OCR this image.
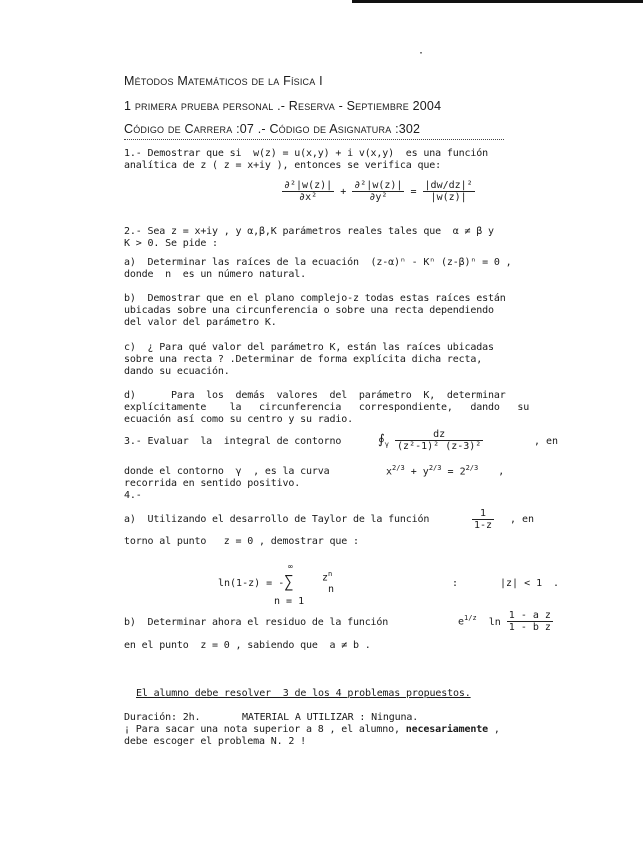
·
Métodos Matemáticos de la Física I
1 primera prueba personal .- Reserva - Septiembre 2004
Código de Carrera :07 .- Código de Asignatura :302
1.- Demostrar que si  w(z) = u(x,y) + i v(x,y)  es una función
analítica de z ( z = x+iy ), entonces se verifica que:
$\frac{\text{∂²|w(z)|}}{\text{∂x²}} + \frac{\text{∂²|w(z)|}}{\text{∂y²}} = \frac{\text{|dw/dz|²}}{|w(z)|}$
2.- Sea z = x+iy , y α,β,K parámetros reales tales que  α ≠ β y
K > 0. Se pide :
a)  Determinar las raíces de la ecuación  (z-α)ⁿ - Kⁿ (z-β)ⁿ = 0 ,
donde  n  es un número natural.
b)  Demostrar que en el plano complejo-z todas estas raíces están
ubicadas sobre una circunferencia o sobre una recta dependiendo
del valor del parámetro K.
c)  ¿ Para qué valor del parámetro K, están las raíces ubicadas
sobre una recta ? .Determinar de forma explícita dicha recta,
dando su ecuación.
d)      Para  los  demás  valores  del  parámetro  K,  determinar
explícitamente    la   circunferencia   correspondiente,   dando   su
ecuación así como su centro y su radio.
3.- Evaluar  la  integral de contorno	$∮_\gamma \frac{dz}{\text{(z²-1)² (z-3)²}}$	, en
donde el contorno  γ  , es la curva	$x^{2/3} + y^{2/3} = 2^{2/3}$ ,
recorrida en sentido positivo.
4.-
a)  Utilizando el desarrollo de Taylor de la función	$\frac{1}{1-z}$ , en
torno al punto   z = 0 , demostrar que :
ln(1-z) = -
∞
∑
n = 1
$z^n$
n
:	|z| < 1 .
b)  Determinar ahora el residuo de la función	$e^{1/z}$ $\ln \frac{\text{1 - a z}}{\text{1 - b z}}$
en el punto  z = 0 , sabiendo que  a ≠ b .
El alumno debe resolver  3 de los 4 problemas propuestos.
Duración: 2h.	MATERIAL A UTILIZAR : Ninguna.
¡ Para sacar una nota superior a 8 , el alumno, necesariamente ,
debe escoger el problema N. 2 !
